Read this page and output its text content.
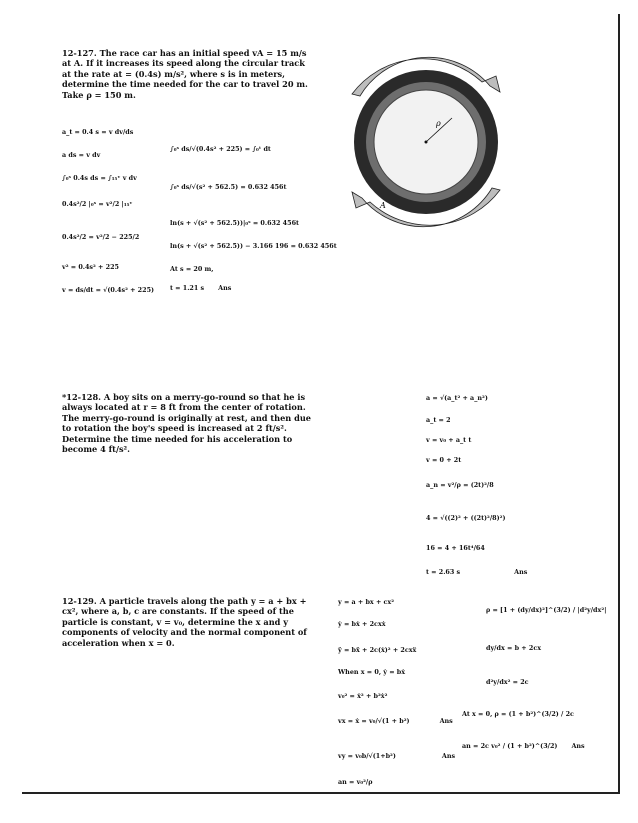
12-127. The race car has an initial speed vA = 15 m/s at A. If it increases its speed along the circular track at the rate at = (0.4s) m/s², where s is in meters, determine the time needed for the car to travel 20 m. Take ρ = 150 m.
ρ
A
a_t = 0.4 s = v dv/ds
a ds = v dv
∫₀ˢ 0.4s ds = ∫₁₅ᵛ v dv
0.4s²/2 |₀ˢ = v²/2 |₁₅ᵛ
0.4s²/2 = v²/2 − 225/2
v² = 0.4s² + 225
v = ds/dt = √(0.4s² + 225)
∫₀ˢ ds/√(0.4s² + 225) = ∫₀ᵗ dt
∫₀ˢ ds/√(s² + 562.5) = 0.632 456t
ln(s + √(s² + 562.5))|₀ˢ = 0.632 456t
ln(s + √(s² + 562.5)) − 3.166 196 = 0.632 456t
At s = 20 m,
t = 1.21 s Ans
*12-128. A boy sits on a merry-go-round so that he is always located at r = 8 ft from the center of rotation. The merry-go-round is originally at rest, and then due to rotation the boy's speed is increased at 2 ft/s². Determine the time needed for his acceleration to become 4 ft/s².
a = √(a_t² + a_n²)
a_t = 2
v = v₀ + a_t t
v = 0 + 2t
a_n = v²/ρ = (2t)²/8
4 = √((2)² + ((2t)²/8)²)
16 = 4 + 16t⁴/64
t = 2.63 s	Ans
12-129. A particle travels along the path y = a + bx + cx², where a, b, c are constants. If the speed of the particle is constant, v = v₀, determine the x and y components of velocity and the normal component of acceleration when x = 0.
y = a + bx + cx²
ẏ = bẋ + 2cxẋ
ÿ = bẍ + 2c(ẋ)² + 2cxẍ
When x = 0, ẏ = bẋ
v₀² = ẋ² + b²ẋ²
vx = ẋ = v₀/√(1 + b²)	Ans
vy = v₀b/√(1+b²)	Ans
an = v₀²/ρ
ρ = [1 + (dy/dx)²]^(3/2) / |d²y/dx²|
dy/dx = b + 2cx
d²y/dx² = 2c
At x = 0, ρ = (1 + b²)^(3/2) / 2c
an = 2c v₀² / (1 + b²)^(3/2) Ans
